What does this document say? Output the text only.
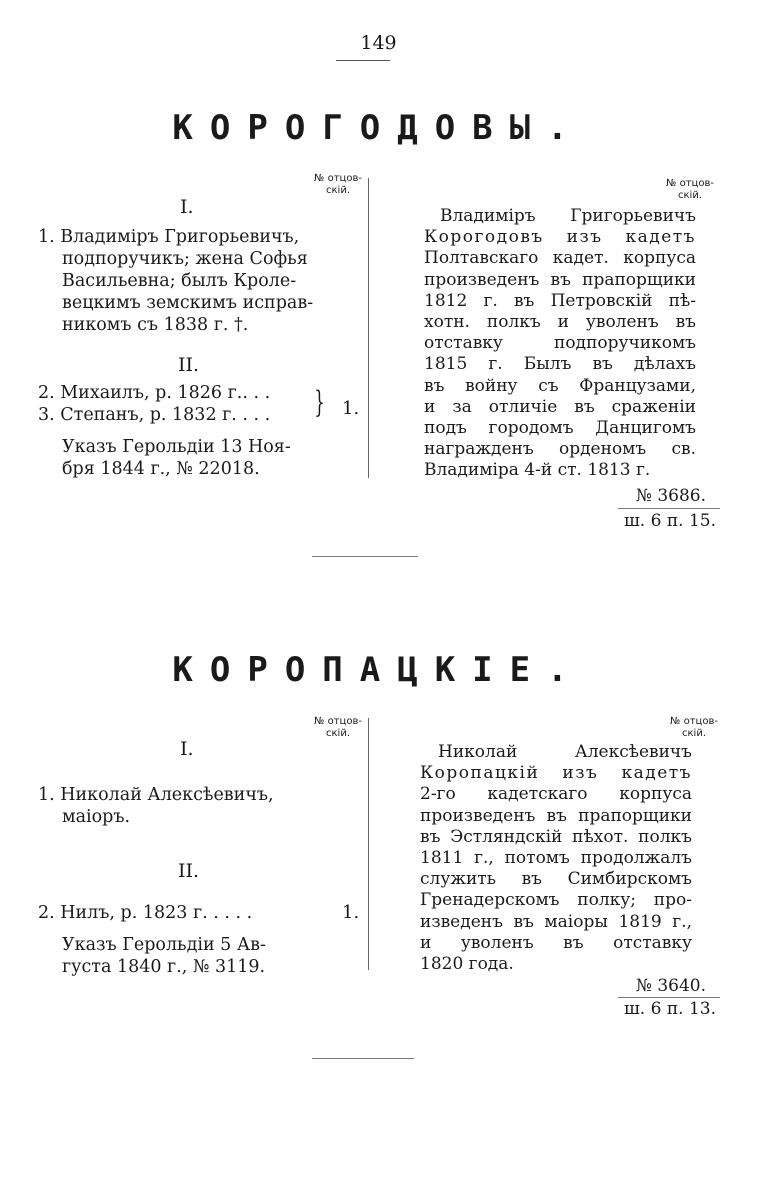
149
КОРОГОДОВЫ.
№ отцов-
скій.
№ отцов-
скій.
I.
1. Владиміръ Григорьевичъ,
подпоручикъ; жена Софья
Васильевна; былъ Кроле-
вецкимъ земскимъ исправ-
никомъ съ 1838 г. †.
II.
2. Михаилъ, р. 1826 г.. . .
3. Степанъ, р. 1832 г. . . .	} 1.
Указъ Герольдіи 13 Ноя-
бря 1844 г., № 22018.
Владиміръ Григорьевичъ
Корогодовъ изъ кадетъ
Полтавскаго кадет. корпуса
произведенъ въ прапорщики
1812 г. въ Петровскій пѣ-
хотн. полкъ и уволенъ въ
отставку подпоручикомъ
1815 г. Былъ въ дѣлахъ
въ войну съ Французами,
и за отличіе въ сраженіи
подъ городомъ Данцигомъ
награжденъ орденомъ св.
Владиміра 4-й ст. 1813 г.
№ 3686.
ш. 6 п. 15.
КОРОПАЦКІЕ.
№ отцов-
скій.
№ отцов-
скій.
I.
1. Николай Алексѣевичъ,
маіоръ.
II.
2. Нилъ, р. 1823 г. . . . .	1.
Указъ Герольдіи 5 Ав-
густа 1840 г., № 3119.
Николай Алексѣевичъ
Коропацкій изъ кадетъ
2-го кадетскаго корпуса
произведенъ въ прапорщики
въ Эстляндскій пѣхот. полкъ
1811 г., потомъ продолжалъ
служить въ Симбирскомъ
Гренадерскомъ полку; про-
изведенъ въ маіоры 1819 г.,
и уволенъ въ отставку
1820 года.
№ 3640.
ш. 6 п. 13.
